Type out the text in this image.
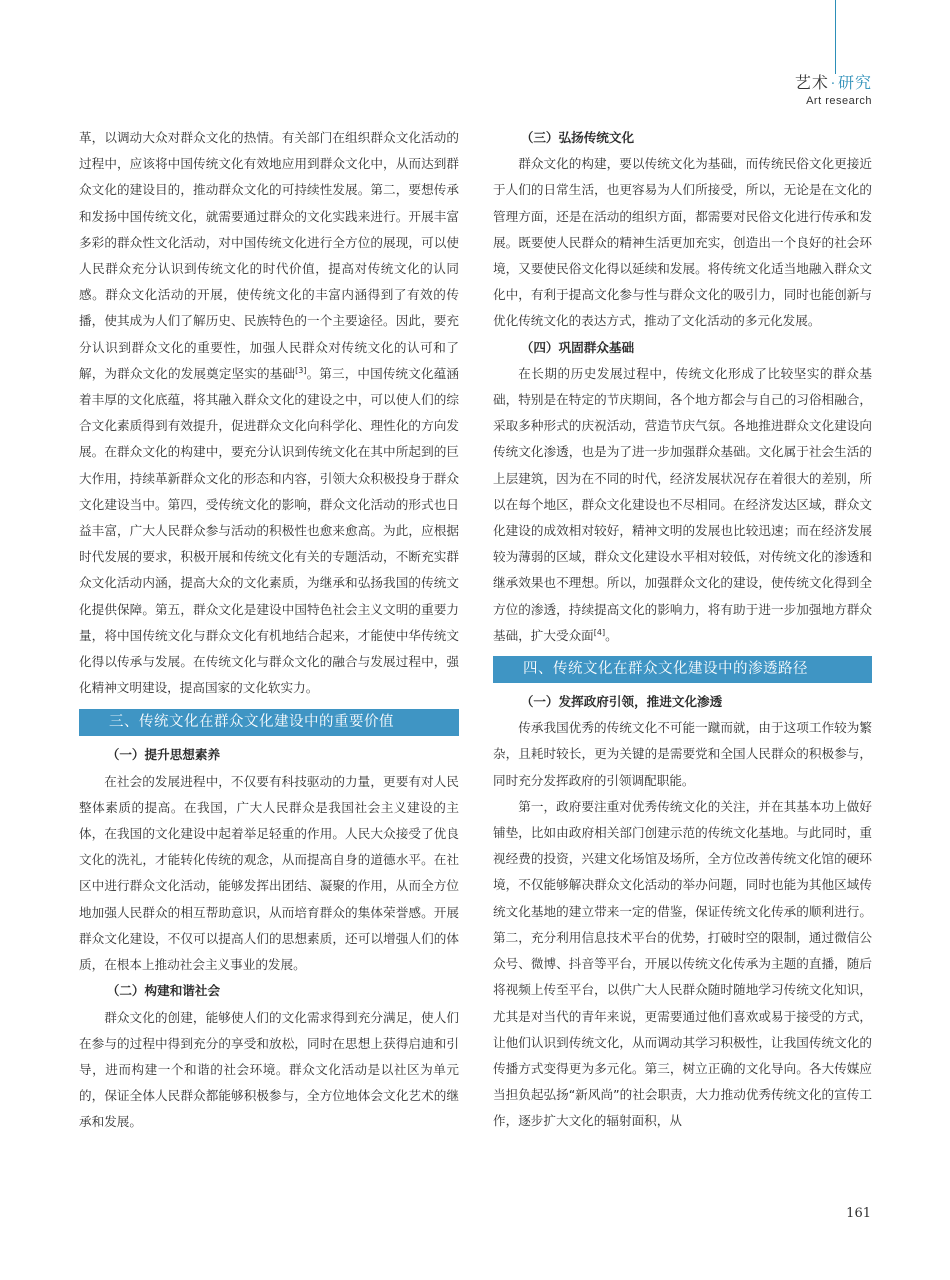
艺术 · 研究
Art research

革，以调动大众对群众文化的热情。有关部门在组织群众文化活动的过程中，应该将中国传统文化有效地应用到群众文化中，从而达到群众文化的建设目的，推动群众文化的可持续性发展。第二，要想传承和发扬中国传统文化，就需要通过群众的文化实践来进行。开展丰富多彩的群众性文化活动，对中国传统文化进行全方位的展现，可以使人民群众充分认识到传统文化的时代价值，提高对传统文化的认同感。群众文化活动的开展，使传统文化的丰富内涵得到了有效的传播，使其成为人们了解历史、民族特色的一个主要途径。因此，要充分认识到群众文化的重要性，加强人民群众对传统文化的认可和了解，为群众文化的发展奠定坚实的基础[3]。第三，中国传统文化蕴涵着丰厚的文化底蕴，将其融入群众文化的建设之中，可以使人们的综合文化素质得到有效提升，促进群众文化向科学化、理性化的方向发展。在群众文化的构建中，要充分认识到传统文化在其中所起到的巨大作用，持续革新群众文化的形态和内容，引领大众积极投身于群众文化建设当中。第四，受传统文化的影响，群众文化活动的形式也日益丰富，广大人民群众参与活动的积极性也愈来愈高。为此，应根据时代发展的要求，积极开展和传统文化有关的专题活动，不断充实群众文化活动内涵，提高大众的文化素质，为继承和弘扬我国的传统文化提供保障。第五，群众文化是建设中国特色社会主义文明的重要力量，将中国传统文化与群众文化有机地结合起来，才能使中华传统文化得以传承与发展。在传统文化与群众文化的融合与发展过程中，强化精神文明建设，提高国家的文化软实力。

三、传统文化在群众文化建设中的重要价值
（一）提升思想素养

在社会的发展进程中，不仅要有科技驱动的力量，更要有对人民整体素质的提高。在我国，广大人民群众是我国社会主义建设的主体，在我国的文化建设中起着举足轻重的作用。人民大众接受了优良文化的洗礼，才能转化传统的观念，从而提高自身的道德水平。在社区中进行群众文化活动，能够发挥出团结、凝聚的作用，从而全方位地加强人民群众的相互帮助意识，从而培育群众的集体荣誉感。开展群众文化建设，不仅可以提高人们的思想素质，还可以增强人们的体质，在根本上推动社会主义事业的发展。

（二）构建和谐社会

群众文化的创建，能够使人们的文化需求得到充分满足，使人们在参与的过程中得到充分的享受和放松，同时在思想上获得启迪和引导，进而构建一个和谐的社会环境。群众文化活动是以社区为单元的，保证全体人民群众都能够积极参与，全方位地体会文化艺术的继承和发展。

（三）弘扬传统文化

群众文化的构建，要以传统文化为基础，而传统民俗文化更接近于人们的日常生活，也更容易为人们所接受，所以，无论是在文化的管理方面，还是在活动的组织方面，都需要对民俗文化进行传承和发展。既要使人民群众的精神生活更加充实，创造出一个良好的社会环境，又要使民俗文化得以延续和发展。将传统文化适当地融入群众文化中，有利于提高文化参与性与群众文化的吸引力，同时也能创新与优化传统文化的表达方式，推动了文化活动的多元化发展。

（四）巩固群众基础

在长期的历史发展过程中，传统文化形成了比较坚实的群众基础，特别是在特定的节庆期间，各个地方都会与自己的习俗相融合，采取多种形式的庆祝活动，营造节庆气氛。各地推进群众文化建设向传统文化渗透，也是为了进一步加强群众基础。文化属于社会生活的上层建筑，因为在不同的时代，经济发展状况存在着很大的差别，所以在每个地区，群众文化建设也不尽相同。在经济发达区域，群众文化建设的成效相对较好，精神文明的发展也比较迅速；而在经济发展较为薄弱的区域，群众文化建设水平相对较低，对传统文化的渗透和继承效果也不理想。所以，加强群众文化的建设，使传统文化得到全方位的渗透，持续提高文化的影响力，将有助于进一步加强地方群众基础，扩大受众面[4]。

四、传统文化在群众文化建设中的渗透路径
（一）发挥政府引领，推进文化渗透

传承我国优秀的传统文化不可能一蹴而就，由于这项工作较为繁杂，且耗时较长，更为关键的是需要党和全国人民群众的积极参与，同时充分发挥政府的引领调配职能。

第一，政府要注重对优秀传统文化的关注，并在其基本功上做好铺垫，比如由政府相关部门创建示范的传统文化基地。与此同时，重视经费的投资，兴建文化场馆及场所，全方位改善传统文化馆的硬环境，不仅能够解决群众文化活动的举办问题，同时也能为其他区域传统文化基地的建立带来一定的借鉴，保证传统文化传承的顺利进行。第二，充分利用信息技术平台的优势，打破时空的限制，通过微信公众号、微博、抖音等平台，开展以传统文化传承为主题的直播，随后将视频上传至平台，以供广大人民群众随时随地学习传统文化知识，尤其是对当代的青年来说，更需要通过他们喜欢或易于接受的方式，让他们认识到传统文化，从而调动其学习积极性，让我国传统文化的传播方式变得更为多元化。第三，树立正确的文化导向。各大传媒应当担负起弘扬“新风尚”的社会职责，大力推动优秀传统文化的宣传工作，逐步扩大文化的辐射面积，从

161
